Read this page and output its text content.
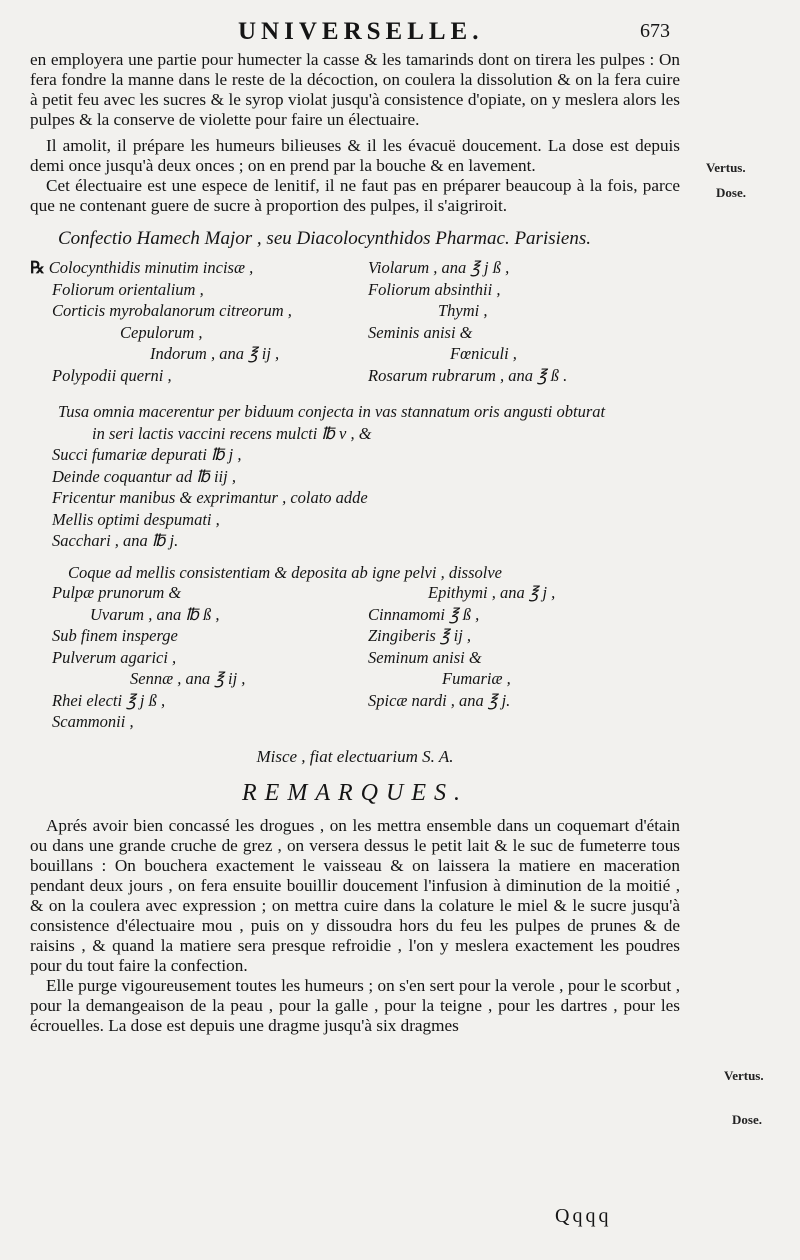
UNIVERSELLE.	673
Vertus.
Dose.
Vertus.
Dose.

en employera une partie pour humecter la casse & les tamarinds dont on tirera les pulpes : On fera fondre la manne dans le reste de la décoction, on coulera la dissolution & on la fera cuire à petit feu avec les sucres & le syrop violat jusqu'à consistence d'opiate, on y meslera alors les pulpes & la conserve de violette pour faire un électuaire.

Il amolit, il prépare les humeurs bilieuses & il les évacuë doucement. La dose est depuis demi once jusqu'à deux onces ; on en prend par la bouche & en lavement.

Cet électuaire est une espece de lenitif, il ne faut pas en préparer beaucoup à la fois, parce que ne contenant guere de sucre à proportion des pulpes, il s'aigriroit.

Confectio Hamech Major , seu Diacolocynthidos Pharmac. Parisiens.
℞ Colocynthidis minutim incisæ ,	Violarum , ana ℥ j ß ,
Foliorum orientalium ,	Foliorum absinthii ,
Corticis myrobalanorum citreorum ,	Thymi ,
Cepulorum ,	Seminis anisi &
Indorum , ana ℥ ij ,	Fœniculi ,
Polypodii querni ,	Rosarum rubrarum , ana ℥ ß .
Tusa omnia macerentur per biduum conjecta in vas stannatum oris angusti obturat
in seri lactis vaccini recens mulcti ℔ v , &
Succi fumariæ depurati ℔ j ,
Deinde coquantur ad ℔ iij ,
Fricentur manibus & exprimantur , colato adde
Mellis optimi despumati ,
Sacchari , ana ℔ j.
Coque ad mellis consistentiam & deposita ab igne pelvi , dissolve
Pulpæ prunorum &	Epithymi , ana ℥ j ,
Uvarum , ana ℔ ß ,	Cinnamomi ℥ ß ,
Sub finem insperge	Zingiberis ℥ ij ,
Pulverum agarici ,	Seminum anisi &
Sennæ , ana ℥ ij ,	Fumariæ ,
Rhei electi ℥ j ß ,	Spicæ nardi , ana ℥ j.
Scammonii ,
Misce , fiat electuarium S. A.
REMARQUES.

Aprés avoir bien concassé les drogues , on les mettra ensemble dans un coquemart d'étain ou dans une grande cruche de grez , on versera dessus le petit lait & le suc de fumeterre tous bouillans : On bouchera exactement le vaisseau & on laissera la matiere en maceration pendant deux jours , on fera ensuite bouillir doucement l'infusion à diminution de la moitié , & on la coulera avec expression ; on mettra cuire dans la colature le miel & le sucre jusqu'à consistence d'électuaire mou , puis on y dissoudra hors du feu les pulpes de prunes & de raisins , & quand la matiere sera presque refroidie , l'on y meslera exactement les poudres pour du tout faire la confection.

Elle purge vigoureusement toutes les humeurs ; on s'en sert pour la verole , pour le scorbut , pour la demangeaison de la peau , pour la galle , pour la teigne , pour les dartres , pour les écrouelles. La dose est depuis une dragme jusqu'à six dragmes

Qqqq
